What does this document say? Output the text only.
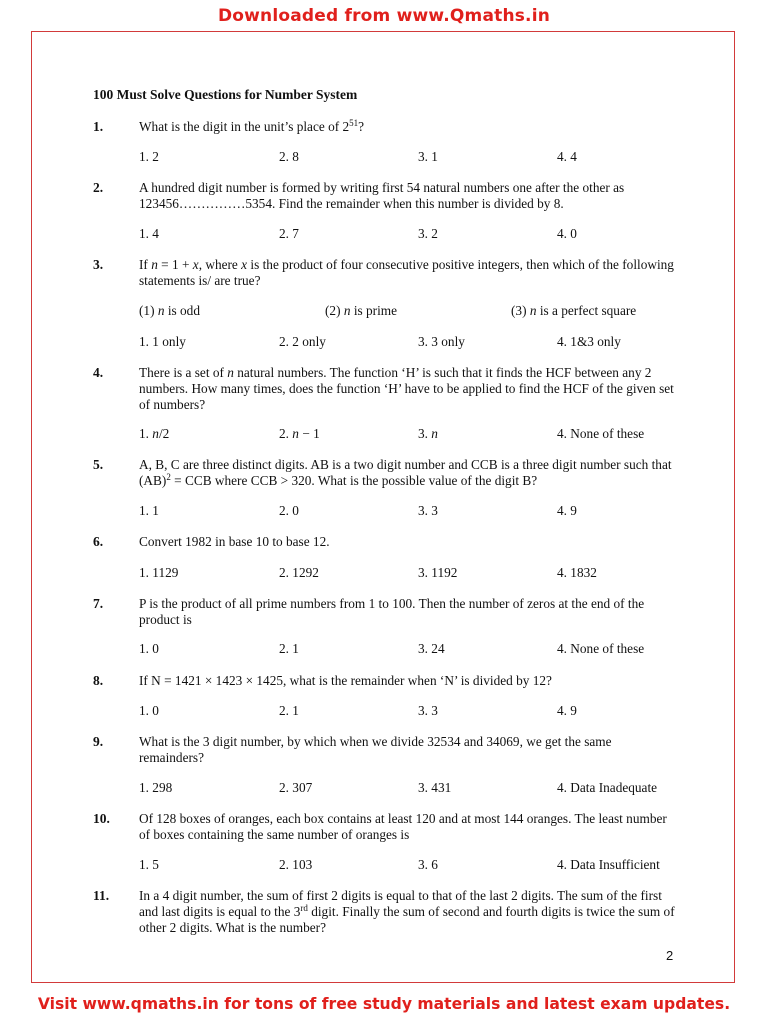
Downloaded from www.Qmaths.in
100 Must Solve Questions for Number System
1.	What is the digit in the unit’s place of $2^{51}$?
1. 2	2. 8	3. 1	4. 4
2.	A hundred digit number is formed by writing first 54 natural numbers one after the other as 123456……………5354. Find the remainder when this number is divided by 8.
1. 4	2. 7	3. 2	4. 0
3.	If n = 1 + x, where x is the product of four consecutive positive integers, then which of the following statements is/ are true?
(1) n is odd	(2) n is prime	(3) n is a perfect square
1. 1 only	2. 2 only	3. 3 only	4. 1&3 only
4.	There is a set of n natural numbers. The function ‘H’ is such that it finds the HCF between any 2 numbers. How many times, does the function ‘H’ have to be applied to find the HCF of the given set of numbers?
1. n/2	2. n − 1	3. n	4. None of these
5.	A, B, C are three distinct digits. AB is a two digit number and CCB is a three digit number such that (AB)$^2$ = CCB where CCB > 320. What is the possible value of the digit B?
1. 1	2. 0	3. 3	4. 9
6.	Convert 1982 in base 10 to base 12.
1. 1129	2. 1292	3. 1192	4. 1832
7.	P is the product of all prime numbers from 1 to 100. Then the number of zeros at the end of the product is
1. 0	2. 1	3. 24	4. None of these
8.	If N = 1421 × 1423 × 1425, what is the remainder when ‘N’ is divided by 12?
1. 0	2. 1	3. 3	4. 9
9.	What is the 3 digit number, by which when we divide 32534 and 34069, we get the same remainders?
1. 298	2. 307	3. 431	4. Data Inadequate
10. Of 128 boxes of oranges, each box contains at least 120 and at most 144 oranges. The least number of boxes containing the same number of oranges is
1. 5	2. 103	3. 6	4. Data Insufficient
11. In a 4 digit number, the sum of first 2 digits is equal to that of the last 2 digits. The sum of the first and last digits is equal to the 3rd digit. Finally the sum of second and fourth digits is twice the sum of other 2 digits. What is the number?
2
Visit www.qmaths.in for tons of free study materials and latest exam updates.
